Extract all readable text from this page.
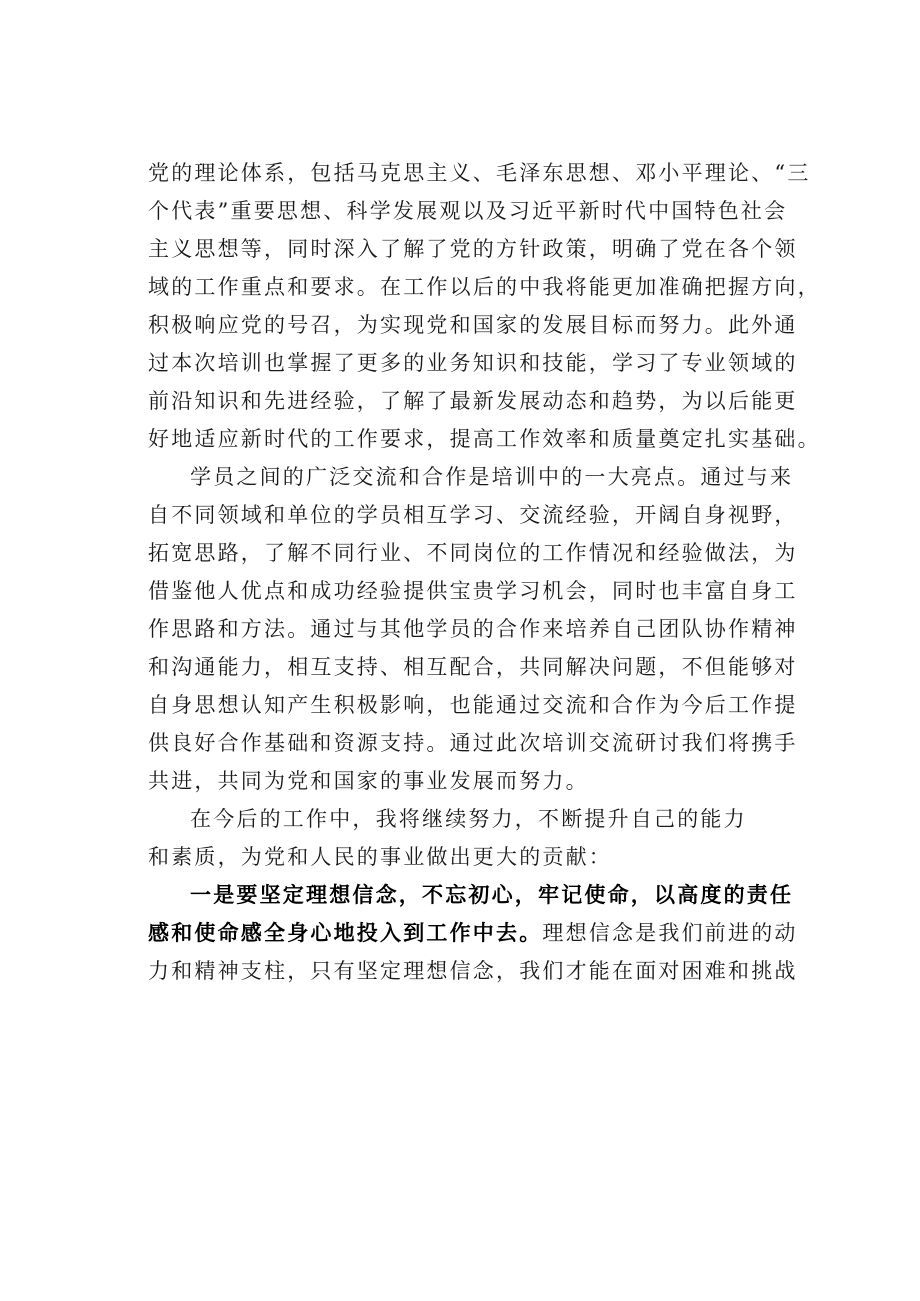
党的理论体系，包括马克思主义、毛泽东思想、邓小平理论、“三
个代表”重要思想、科学发展观以及习近平新时代中国特色社会
主义思想等，同时深入了解了党的方针政策，明确了党在各个领
域的工作重点和要求。在工作以后的中我将能更加准确把握方向，
积极响应党的号召，为实现党和国家的发展目标而努力。此外通
过本次培训也掌握了更多的业务知识和技能，学习了专业领域的
前沿知识和先进经验，了解了最新发展动态和趋势，为以后能更
好地适应新时代的工作要求，提高工作效率和质量奠定扎实基础。
学员之间的广泛交流和合作是培训中的一大亮点。通过与来
自不同领域和单位的学员相互学习、交流经验，开阔自身视野，
拓宽思路，了解不同行业、不同岗位的工作情况和经验做法，为
借鉴他人优点和成功经验提供宝贵学习机会，同时也丰富自身工
作思路和方法。通过与其他学员的合作来培养自己团队协作精神
和沟通能力，相互支持、相互配合，共同解决问题，不但能够对
自身思想认知产生积极影响，也能通过交流和合作为今后工作提
供良好合作基础和资源支持。通过此次培训交流研讨我们将携手
共进，共同为党和国家的事业发展而努力。
在今后的工作中，我将继续努力，不断提升自己的能力
和素质，为党和人民的事业做出更大的贡献：
一是要坚定理想信念，不忘初心，牢记使命，以高度的责任
感和使命感全身心地投入到工作中去。理想信念是我们前进的动
力和精神支柱，只有坚定理想信念，我们才能在面对困难和挑战
